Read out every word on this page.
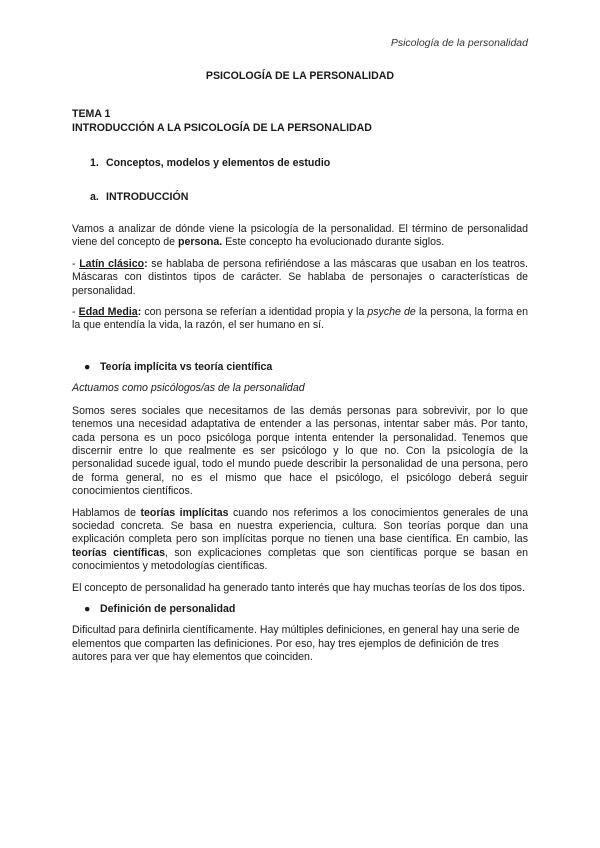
Psicología de la personalidad
PSICOLOGÍA DE LA PERSONALIDAD
TEMA 1
INTRODUCCIÓN A LA PSICOLOGÍA DE LA PERSONALIDAD
1. Conceptos, modelos y elementos de estudio
a. INTRODUCCIÓN

Vamos a analizar de dónde viene la psicología de la personalidad. El término de personalidad viene del concepto de persona. Este concepto ha evolucionado durante siglos.

- Latín clásico: se hablaba de persona refiriéndose a las máscaras que usaban en los teatros. Máscaras con distintos tipos de carácter. Se hablaba de personajes o características de personalidad.

- Edad Media: con persona se referían a identidad propia y la psyche de la persona, la forma en la que entendía la vida, la razón, el ser humano en sí.

● Teoría implícita vs teoría científica
Actuamos como psicólogos/as de la personalidad

Somos seres sociales que necesitamos de las demás personas para sobrevivir, por lo que tenemos una necesidad adaptativa de entender a las personas, intentar saber más. Por tanto, cada persona es un poco psicóloga porque intenta entender la personalidad. Tenemos que discernir entre lo que realmente es ser psicólogo y lo que no. Con la psicología de la personalidad sucede igual, todo el mundo puede describir la personalidad de una persona, pero de forma general, no es el mismo que hace el psicólogo, el psicólogo deberá seguir conocimientos científicos.

Hablamos de teorías implícitas cuando nos referimos a los conocimientos generales de una sociedad concreta. Se basa en nuestra experiencia, cultura. Son teorías porque dan una explicación completa pero son implícitas porque no tienen una base científica. En cambio, las teorías científicas, son explicaciones completas que son científicas porque se basan en conocimientos y metodologías científicas.

El concepto de personalidad ha generado tanto interés que hay muchas teorías de los dos tipos.

● Definición de personalidad

Dificultad para definirla científicamente. Hay múltiples definiciones, en general hay una serie de elementos que comparten las definiciones. Por eso, hay tres ejemplos de definición de tres autores para ver que hay elementos que coinciden.
